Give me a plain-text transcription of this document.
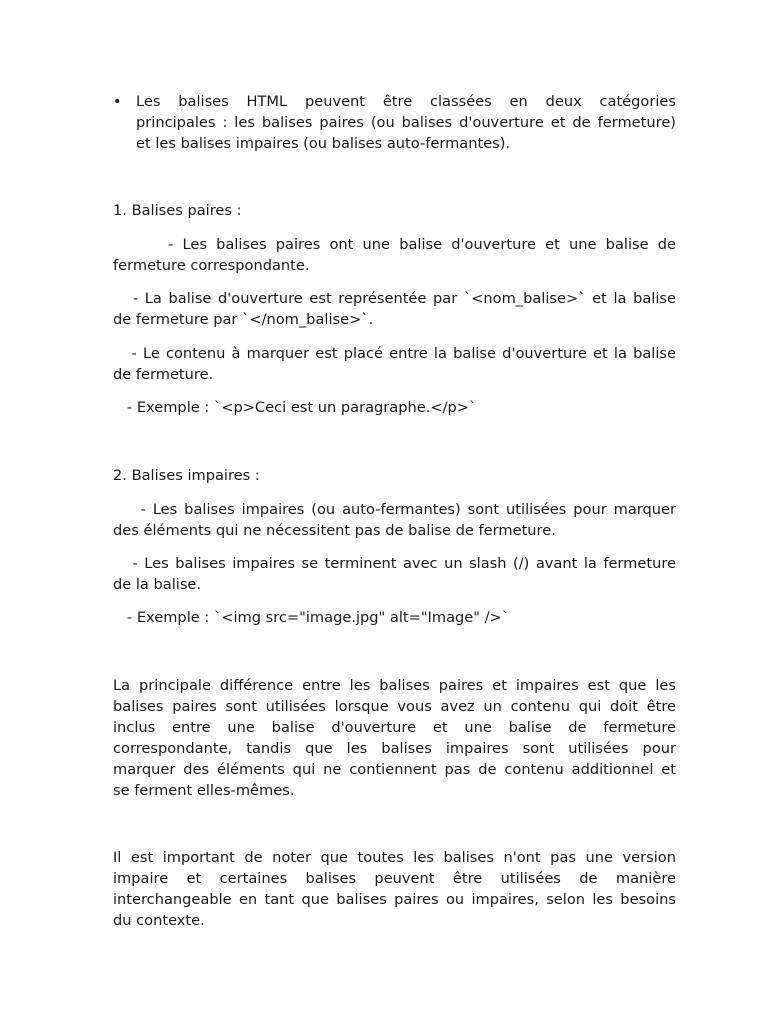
• Les balises HTML peuvent être classées en deux catégories
principales : les balises paires (ou balises d'ouverture et de fermeture)
et les balises impaires (ou balises auto-fermantes).
1. Balises paires :
- Les balises paires ont une balise d'ouverture et une balise de
fermeture correspondante.
- La balise d'ouverture est représentée par `<nom_balise>` et la balise
de fermeture par `</nom_balise>`.
- Le contenu à marquer est placé entre la balise d'ouverture et la balise
de fermeture.
- Exemple : `<p>Ceci est un paragraphe.</p>`
2. Balises impaires :
- Les balises impaires (ou auto-fermantes) sont utilisées pour marquer
des éléments qui ne nécessitent pas de balise de fermeture.
- Les balises impaires se terminent avec un slash (/) avant la fermeture
de la balise.
- Exemple : `<img src="image.jpg" alt="Image" />`
La principale différence entre les balises paires et impaires est que les
balises paires sont utilisées lorsque vous avez un contenu qui doit être
inclus entre une balise d'ouverture et une balise de fermeture
correspondante, tandis que les balises impaires sont utilisées pour
marquer des éléments qui ne contiennent pas de contenu additionnel et
se ferment elles-mêmes.
Il est important de noter que toutes les balises n'ont pas une version
impaire et certaines balises peuvent être utilisées de manière
interchangeable en tant que balises paires ou impaires, selon les besoins
du contexte.
